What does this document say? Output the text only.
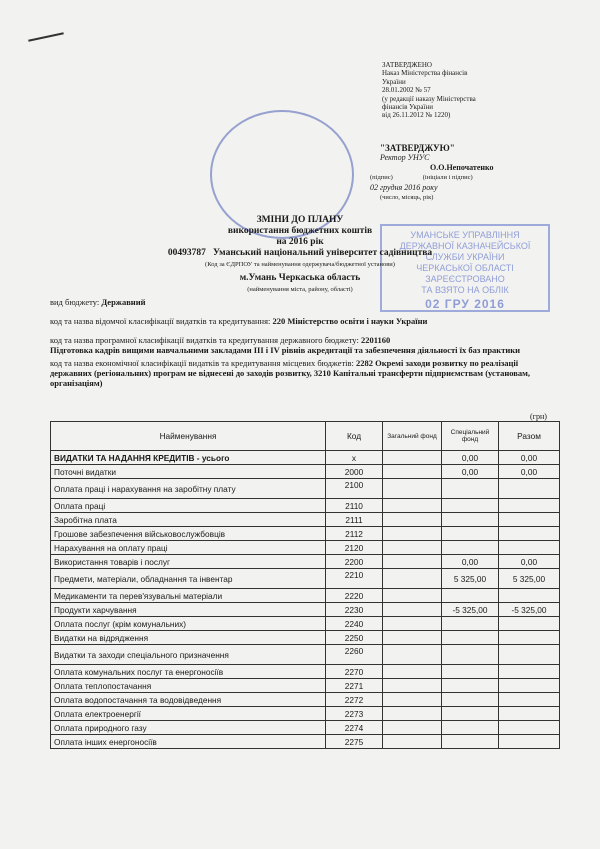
ЗАТВЕРДЖЕНО
Наказ Міністерства фінансів
України
28.01.2002 № 57
(у редакції наказу Міністерства
фінансів України
від 26.11.2012 № 1220)
"ЗАТВЕРДЖУЮ"
Ректор УНУС
О.О.Непочатенко
(підпис)	(ініціали і підпис)
02 грудня 2016 року
(число, місяць, рік)
УМАНСЬКЕ УПРАВЛІННЯ
ДЕРЖАВНОЇ КАЗНАЧЕЙСЬКОЇ
СЛУЖБИ УКРАЇНИ
ЧЕРКАСЬКОЇ ОБЛАСТІ
ЗАРЕЄСТРОВАНО
ТА ВЗЯТО НА ОБЛІК
02 ГРУ 2016
ЗМІНИ ДО ПЛАНУ
використання бюджетних коштів
на 2016 рік
00493787 Уманський національний університет садівництва
(Код за ЄДРПОУ та найменування одержувача/бюджетної установи)
м.Умань Черкаська область
(найменування міста, району, області)

вид бюджету: Державний

код та назва відомчої класифікації видатків та кредитування: 220 Міністерство освіти і науки України

код та назва програмної класифікації видатків та кредитування державного бюджету: 2201160

Підготовка кадрів вищими навчальними закладами ІІІ і IV рівнів акредитації та забезпечення діяльності їх баз практики

код та назва економічної класифікації видатків та кредитування місцевих бюджетів: 2282 Окремі заходи розвитку по реалізації державних (регіональних) програм не віднесені до заходів розвитку, 3210 Капітальні трансферти підприємствам (установам, організаціям)

(грн)
Найменування	Код	Загальний фонд	Спеціальний фонд	Разом
ВИДАТКИ ТА НАДАННЯ КРЕДИТІВ - усього	х		0,00	0,00
Поточні видатки	2000		0,00	0,00
Оплата праці і нарахування на заробітну плату	2100			
Оплата праці	2110			
Заробітна плата	2111			
Грошове забезпечення військовослужбовців	2112			
Нарахування на оплату праці	2120			
Використання товарів і послуг	2200		0,00	0,00
Предмети, матеріали, обладнання та інвентар	2210		5 325,00	5 325,00
Медикаменти та перев'язувальні матеріали	2220			
Продукти харчування	2230		-5 325,00	-5 325,00
Оплата послуг (крім комунальних)	2240			
Видатки на відрядження	2250			
Видатки та заходи спеціального призначення	2260			
Оплата комунальних послуг та енергоносіїв	2270			
Оплата теплопостачання	2271			
Оплата водопостачання та водовідведення	2272			
Оплата електроенергії	2273			
Оплата природного газу	2274			
Оплата інших енергоносіїв	2275			
